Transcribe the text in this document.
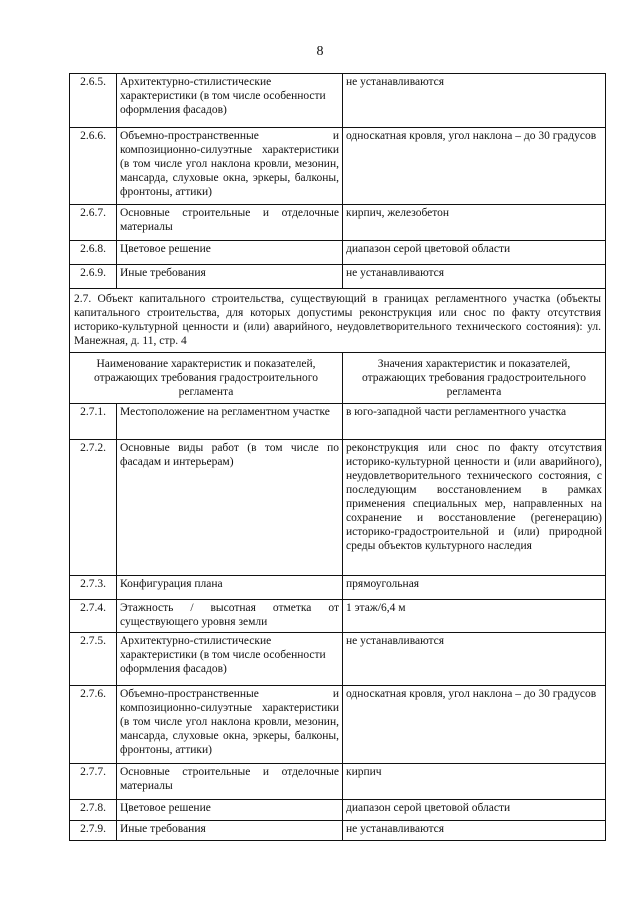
8
2.6.5.	Архитектурно-стилистические характеристики (в том числе особенности оформления фасадов)	не устанавливаются
2.6.6.	Объемно-пространственные и композиционно-силуэтные характеристики (в том числе угол наклона кровли, мезонин, мансарда, слуховые окна, эркеры, балконы, фронтоны, аттики)	односкатная кровля, угол наклона – до 30 градусов
2.6.7.	Основные строительные и отделочные материалы	кирпич, железобетон
2.6.8.	Цветовое решение	диапазон серой цветовой области
2.6.9.	Иные требования	не устанавливаются
2.7. Объект капитального строительства, существующий в границах регламентного участка (объекты капитального строительства, для которых допустимы реконструкция или снос по факту отсутствия историко-культурной ценности и (или) аварийного, неудовлетворительного технического состояния): ул. Манежная, д. 11, стр. 4		
Наименование характеристик и показателей, отражающих требования градостроительного регламента		Значения характеристик и показателей, отражающих требования градостроительного регламента
2.7.1.	Местоположение на регламентном участке	в юго-западной части регламентного участка
2.7.2.	Основные виды работ (в том числе по фасадам и интерьерам)	реконструкция или снос по факту отсутствия историко-культурной ценности и (или аварийного), неудовлетворительного технического состояния, с последующим восстановлением в рамках применения специальных мер, направленных на сохранение и восстановление (регенерацию) историко-градостроительной и (или) природной среды объектов культурного наследия
2.7.3.	Конфигурация плана	прямоугольная
2.7.4.	Этажность / высотная отметка от существующего уровня земли	1 этаж/6,4 м
2.7.5.	Архитектурно-стилистические характеристики (в том числе особенности оформления фасадов)	не устанавливаются
2.7.6.	Объемно-пространственные и композиционно-силуэтные характеристики (в том числе угол наклона кровли, мезонин, мансарда, слуховые окна, эркеры, балконы, фронтоны, аттики)	односкатная кровля, угол наклона – до 30 градусов
2.7.7.	Основные строительные и отделочные материалы	кирпич
2.7.8.	Цветовое решение	диапазон серой цветовой области
2.7.9.	Иные требования	не устанавливаются
